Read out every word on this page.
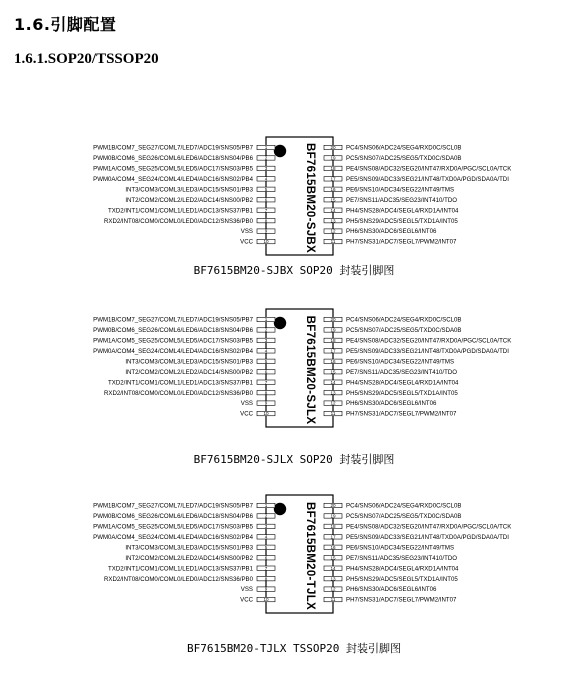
1.6.引脚配置
1.6.1.SOP20/TSSOP20
BF7615BM20-SJBX
1
PWM1B/COM7_SEG27/COML7/LED7/ADC19/SNS05/PB7	20 PC4/SNS06/ADC24/SEG4/RXD0C/SCL0B
2
PWM0B/COM6_SEG26/COML6/LED6/ADC18/SNS04/PB6	19 PC5/SNS07/ADC25/SEG5/TXD0C/SDA0B
3
PWM1A/COM5_SEG25/COML5/LED5/ADC17/SNS03/PB5	18 PE4/SNS08/ADC32/SEG20/INT47/RXD0A/PGC/SCL0A/TCK
4
PWM0A/COM4_SEG24/COML4/LED4/ADC16/SNS02/PB4	17 PE5/SNS09/ADC33/SEG21/INT48/TXD0A/PGD/SDA0A/TDI
5
INT3/COM3/COML3/LED3/ADC15/SNS01/PB3	16 PE6/SNS10/ADC34/SEG22/INT49/TMS
6
INT2/COM2/COML2/LED2/ADC14/SNS00/PB2	15 PE7/SNS11/ADC35/SEG23/INT410/TDO
7
TXD2/INT1/COM1/COML1/LED1/ADC13/SNS37/PB1	14 PH4/SNS28/ADC4/SEGL4/RXD1A/INT04
8
RXD2/INT08/COM0/COML0/LED0/ADC12/SNS36/PB0	13 PH5/SNS29/ADC5/SEGL5/TXD1A/INT05
9
VSS	12 PH6/SNS30/ADC6/SEGL6/INT06
10
VCC	11 PH7/SNS31/ADC7/SEGL7/PWM2/INT07
BF7615BM20-SJBX SOP20 封装引脚图
BF7615BM20-SJLX
1
PWM1B/COM7_SEG27/COML7/LED7/ADC19/SNS05/PB7	20 PC4/SNS06/ADC24/SEG4/RXD0C/SCL0B
2
PWM0B/COM6_SEG26/COML6/LED6/ADC18/SNS04/PB6	19 PC5/SNS07/ADC25/SEG5/TXD0C/SDA0B
3
PWM1A/COM5_SEG25/COML5/LED5/ADC17/SNS03/PB5	18 PE4/SNS08/ADC32/SEG20/INT47/RXD0A/PGC/SCL0A/TCK
4
PWM0A/COM4_SEG24/COML4/LED4/ADC16/SNS02/PB4	17 PE5/SNS09/ADC33/SEG21/INT48/TXD0A/PGD/SDA0A/TDI
5
INT3/COM3/COML3/LED3/ADC15/SNS01/PB3	16 PE6/SNS10/ADC34/SEG22/INT49/TMS
6
INT2/COM2/COML2/LED2/ADC14/SNS00/PB2	15 PE7/SNS11/ADC35/SEG23/INT410/TDO
7
TXD2/INT1/COM1/COML1/LED1/ADC13/SNS37/PB1	14 PH4/SNS28/ADC4/SEGL4/RXD1A/INT04
8
RXD2/INT08/COM0/COML0/LED0/ADC12/SNS36/PB0	13 PH5/SNS29/ADC5/SEGL5/TXD1A/INT05
9
VSS	12 PH6/SNS30/ADC6/SEGL6/INT06
10
VCC	11 PH7/SNS31/ADC7/SEGL7/PWM2/INT07
BF7615BM20-SJLX SOP20 封装引脚图
BF7615BM20-TJLX
1
PWM1B/COM7_SEG27/COML7/LED7/ADC19/SNS05/PB7	20 PC4/SNS06/ADC24/SEG4/RXD0C/SCL0B
2
PWM0B/COM6_SEG26/COML6/LED6/ADC18/SNS04/PB6	19 PC5/SNS07/ADC25/SEG5/TXD0C/SDA0B
3
PWM1A/COM5_SEG25/COML5/LED5/ADC17/SNS03/PB5	18 PE4/SNS08/ADC32/SEG20/INT47/RXD0A/PGC/SCL0A/TCK
4
PWM0A/COM4_SEG24/COML4/LED4/ADC16/SNS02/PB4	17 PE5/SNS09/ADC33/SEG21/INT48/TXD0A/PGD/SDA0A/TDI
5
INT3/COM3/COML3/LED3/ADC15/SNS01/PB3	16 PE6/SNS10/ADC34/SEG22/INT49/TMS
6
INT2/COM2/COML2/LED2/ADC14/SNS00/PB2	15 PE7/SNS11/ADC35/SEG23/INT410/TDO
7
TXD2/INT1/COM1/COML1/LED1/ADC13/SNS37/PB1	14 PH4/SNS28/ADC4/SEGL4/RXD1A/INT04
8
RXD2/INT08/COM0/COML0/LED0/ADC12/SNS36/PB0	13 PH5/SNS29/ADC5/SEGL5/TXD1A/INT05
9
VSS	12 PH6/SNS30/ADC6/SEGL6/INT06
10
VCC	11 PH7/SNS31/ADC7/SEGL7/PWM2/INT07
BF7615BM20-TJLX TSSOP20 封装引脚图
